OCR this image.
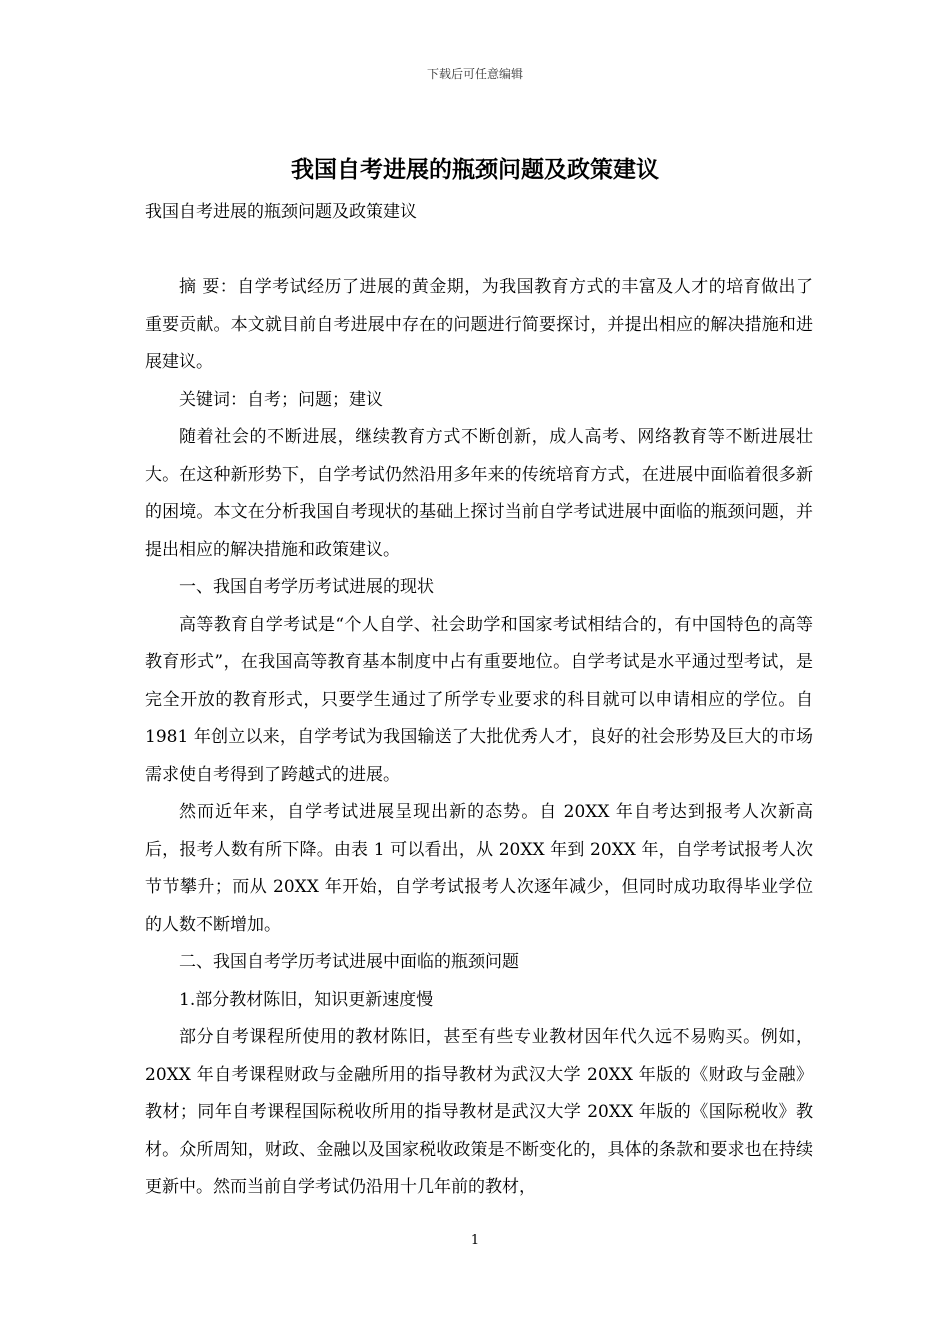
下载后可任意编辑
我国自考进展的瓶颈问题及政策建议

我国自考进展的瓶颈问题及政策建议

摘 要：自学考试经历了进展的黄金期，为我国教育方式的丰富及人才的培育做出了重要贡献。本文就目前自考进展中存在的问题进行简要探讨，并提出相应的解决措施和进展建议。

关键词：自考；问题；建议

随着社会的不断进展，继续教育方式不断创新，成人高考、网络教育等不断进展壮大。在这种新形势下，自学考试仍然沿用多年来的传统培育方式，在进展中面临着很多新的困境。本文在分析我国自考现状的基础上探讨当前自学考试进展中面临的瓶颈问题，并提出相应的解决措施和政策建议。

一、我国自考学历考试进展的现状

高等教育自学考试是“个人自学、社会助学和国家考试相结合的，有中国特色的高等教育形式”，在我国高等教育基本制度中占有重要地位。自学考试是水平通过型考试，是完全开放的教育形式，只要学生通过了所学专业要求的科目就可以申请相应的学位。自 1981 年创立以来，自学考试为我国输送了大批优秀人才，良好的社会形势及巨大的市场需求使自考得到了跨越式的进展。

然而近年来，自学考试进展呈现出新的态势。自 20XX 年自考达到报考人次新高后，报考人数有所下降。由表 1 可以看出，从 20XX 年到 20XX 年，自学考试报考人次节节攀升；而从 20XX 年开始，自学考试报考人次逐年减少，但同时成功取得毕业学位的人数不断增加。

二、我国自考学历考试进展中面临的瓶颈问题

1.部分教材陈旧，知识更新速度慢

部分自考课程所使用的教材陈旧，甚至有些专业教材因年代久远不易购买。例如，20XX 年自考课程财政与金融所用的指导教材为武汉大学 20XX 年版的《财政与金融》教材；同年自考课程国际税收所用的指导教材是武汉大学 20XX 年版的《国际税收》教材。众所周知，财政、金融以及国家税收政策是不断变化的，具体的条款和要求也在持续更新中。然而当前自学考试仍沿用十几年前的教材，

1
